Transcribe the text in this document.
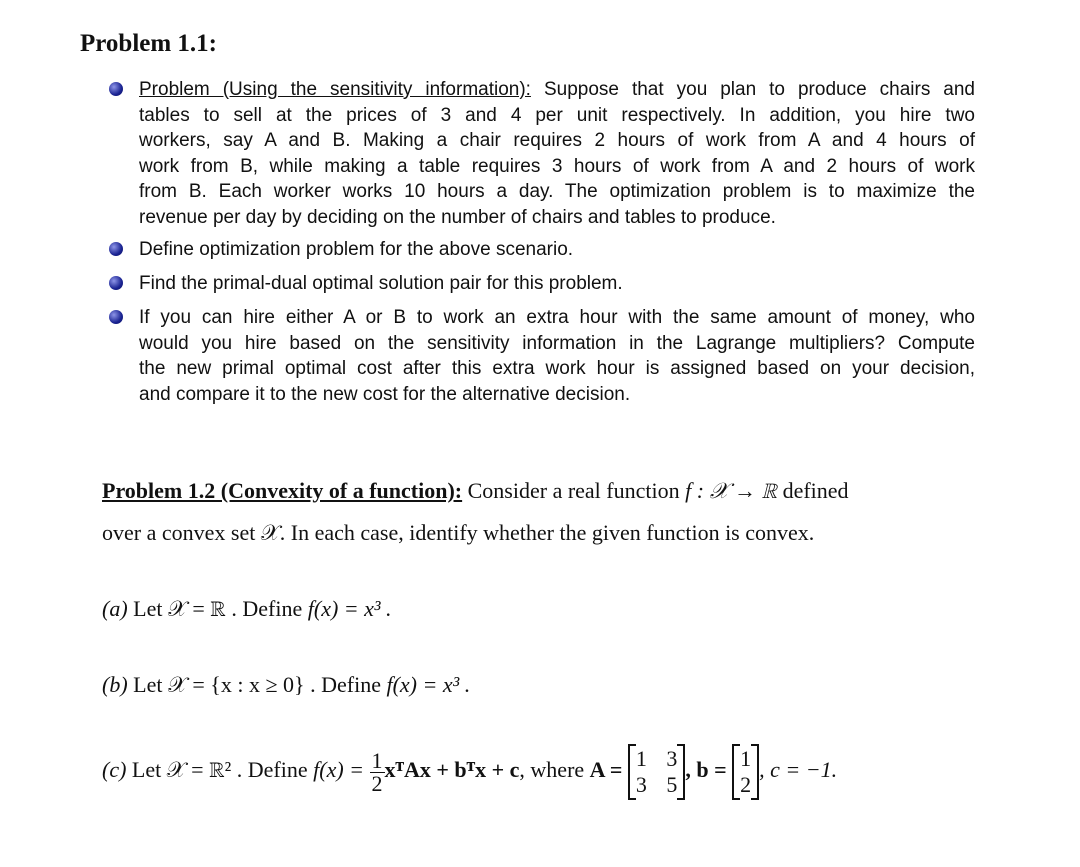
Problem 1.1:
Problem (Using the sensitivity information): Suppose that you plan to produce chairs and
tables to sell at the prices of 3 and 4 per unit respectively. In addition, you hire two
workers, say A and B. Making a chair requires 2 hours of work from A and 4 hours of
work from B, while making a table requires 3 hours of work from A and 2 hours of work
from B. Each worker works 10 hours a day. The optimization problem is to maximize the
revenue per day by deciding on the number of chairs and tables to produce.
Define optimization problem for the above scenario.
Find the primal-dual optimal solution pair for this problem.
If you can hire either A or B to work an extra hour with the same amount of money, who
would you hire based on the sensitivity information in the Lagrange multipliers? Compute
the new primal optimal cost after this extra work hour is assigned based on your decision,
and compare it to the new cost for the alternative decision.
Problem 1.2 (Convexity of a function): Consider a real function f : 𝒳 → ℝ defined
over a convex set 𝒳. In each case, identify whether the given function is convex.
(a) Let 𝒳 = ℝ . Define f(x) = x³ .
(b) Let 𝒳 = {x : x ≥ 0} . Define f(x) = x³ .
(c) Let 𝒳 = ℝ² . Define $f(x) = \frac{1}{2}$ xᵀAx + bᵀx + c, where A = 1 3
3 5
, b = 1
2
, c = −1.
